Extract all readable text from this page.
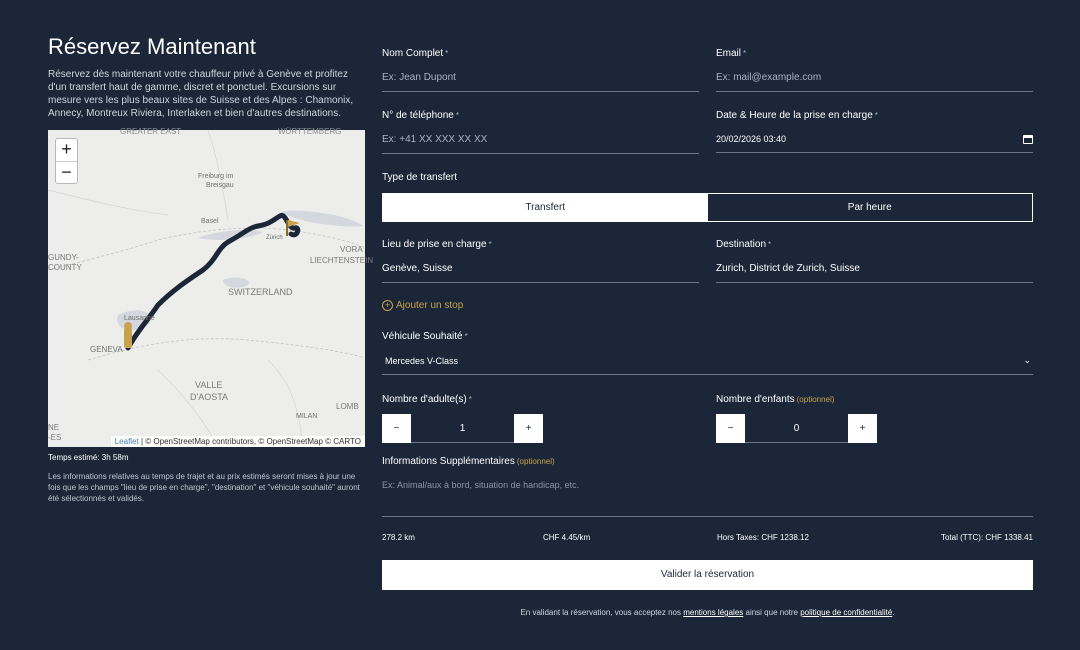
Réservez Maintenant

Réservez dès maintenant votre chauffeur privé à Genève et profitez d'un transfert haut de gamme, discret et ponctuel. Excursions sur mesure vers les plus beaux sites de Suisse et des Alpes : Chamonix, Annecy, Montreux Riviera, Interlaken et bien d'autres destinations.

+
−
GREATER EAST	WÜRTTEMBERG
Freiburg im
Breisgau
Basel
GUNDY-
COUNTY
SWITZERLAND
VORA
LIECHTENSTEIN
Lausanne
GENEVA
VALLE
D'AOSTA
MILAN
LOMB
-ES
NE
Zürich
Leaflet | © OpenStreetMap contributors, © OpenStreetMap © CARTO
Temps estimé: 3h 58m

Les informations relatives au temps de trajet et au prix estimés seront mises à jour une fois que les champs "lieu de prise en charge", "destination" et "véhicule souhaité" auront été sélectionnés et validés.

Nom Complet *
Ex: Jean Dupont	Email *
Ex: mail@example.com
N° de téléphone *
Ex: +41 XX XXX XX XX	Date & Heure de la prise en charge *
20/02/2026 03:40
Type de transfert
Transfert	Par heure
Lieu de prise en charge *
Genève, Suisse	Destination *
Zurich, District de Zurich, Suisse
+ Ajouter un stop
Véhicule Souhaité *
Mercedes V-Class	⌄
Nombre d'adulte(s) *
−	1	+
Nombre d'enfants (optionnel)
−	0	+
Informations Supplémentaires (optionnel)
Ex: Animal/aux à bord, situation de handicap, etc.
278.2 km	CHF 4.45/km	Hors Taxes: CHF 1238.12	Total (TTC): CHF 1338.41
Valider la réservation
En validant la réservation, vous acceptez nos mentions légales ainsi que notre politique de confidentialité.
